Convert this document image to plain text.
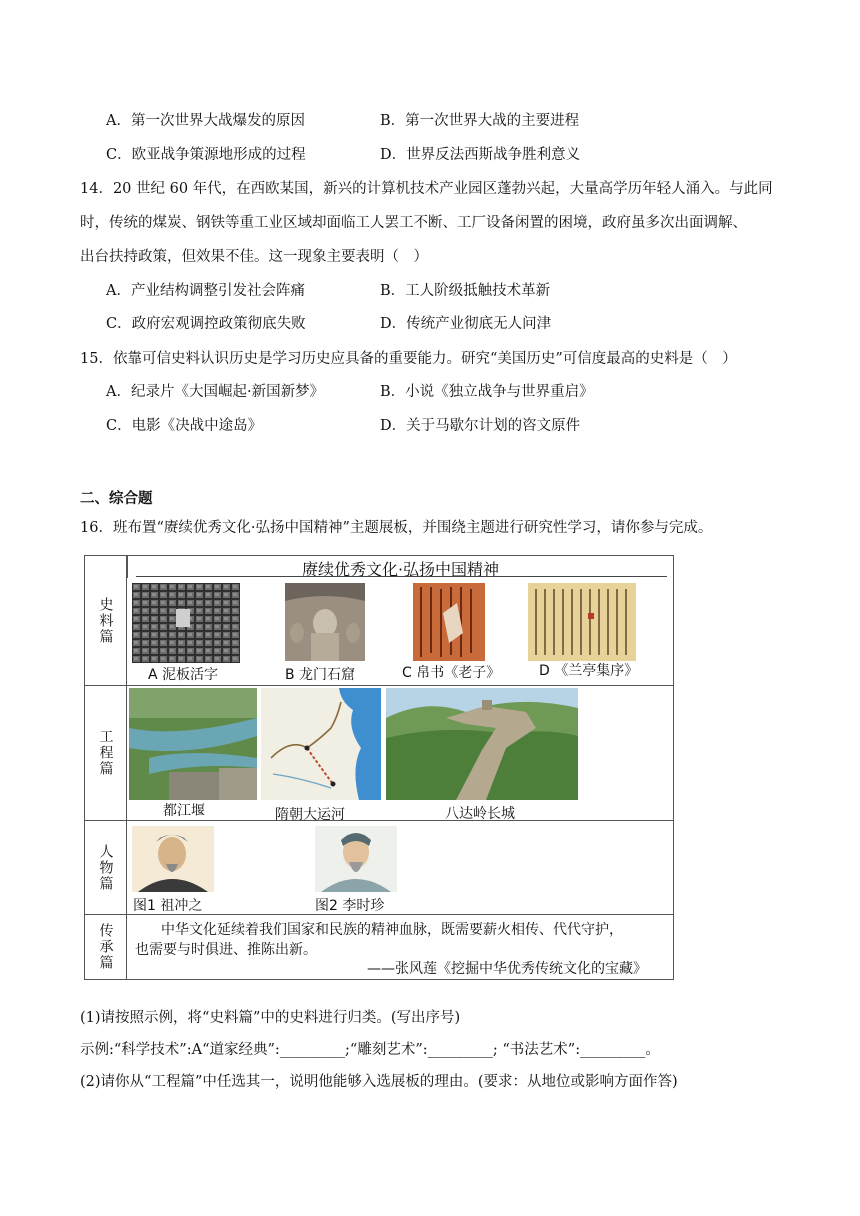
A．第一次世界大战爆发的原因	B．第一次世界大战的主要进程
C．欧亚战争策源地形成的过程	D．世界反法西斯战争胜利意义
14．20 世纪 60 年代，在西欧某国，新兴的计算机技术产业园区蓬勃兴起，大量高学历年轻人涌入。与此同
时，传统的煤炭、钢铁等重工业区域却面临工人罢工不断、工厂设备闲置的困境，政府虽多次出面调解、
出台扶持政策，但效果不佳。这一现象主要表明（　）
A．产业结构调整引发社会阵痛	B．工人阶级抵触技术革新
C．政府宏观调控政策彻底失败	D．传统产业彻底无人问津
15．依靠可信史料认识历史是学习历史应具备的重要能力。研究“美国历史”可信度最高的史料是（　）
A．纪录片《大国崛起·新国新梦》	B．小说《独立战争与世界重启》
C．电影《决战中途岛》	D．关于马歇尔计划的咨文原件
二、综合题
16．班布置“赓续优秀文化·弘扬中国精神”主题展板，并围绕主题进行研究性学习，请你参与完成。
赓续优秀文化·弘扬中国精神
史料篇
A 泥板活字	B 龙门石窟	C 帛书《老子》	D 《兰亭集序》
工程篇
都江堰	隋朝大运河	八达岭长城
人物篇
图1 祖冲之	图2 李时珍
传承篇	中华文化延续着我们国家和民族的精神血脉，既需要薪火相传、代代守护，
也需要与时俱进、推陈出新。
——张风莲《挖掘中华优秀传统文化的宝藏》
(1)请按照示例，将“史料篇”中的史料进行归类。(写出序号)
示例:“科学技术”:A“道家经典”:_________;“雕刻艺术”:_________; “书法艺术”:_________。
(2)请你从“工程篇”中任选其一，说明他能够入选展板的理由。(要求：从地位或影响方面作答)
